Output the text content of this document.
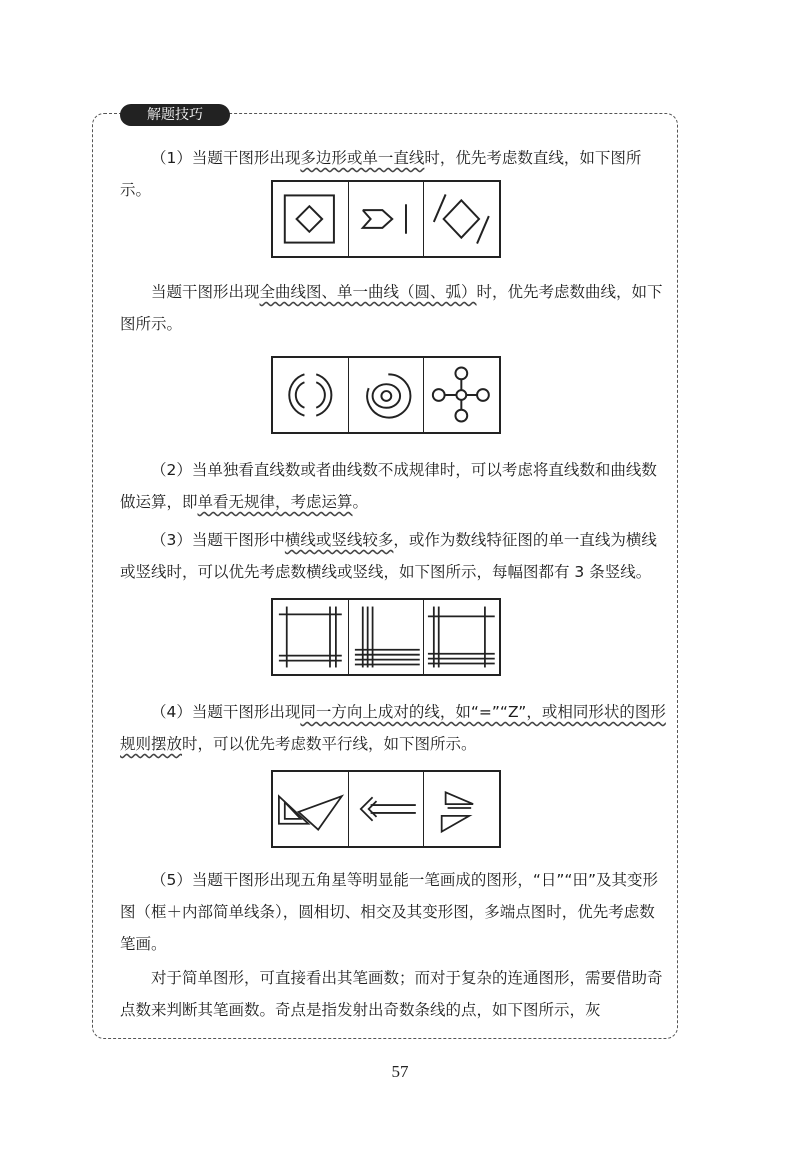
解题技巧

（1）当题干图形出现多边形或单一直线时，优先考虑数直线，如下图所示。

当题干图形出现全曲线图、单一曲线（圆、弧）时，优先考虑数曲线，如下图所示。

（2）当单独看直线数或者曲线数不成规律时，可以考虑将直线数和曲线数做运算，即单看无规律，考虑运算。

（3）当题干图形中横线或竖线较多，或作为数线特征图的单一直线为横线或竖线时，可以优先考虑数横线或竖线，如下图所示，每幅图都有 3 条竖线。

（4）当题干图形出现同一方向上成对的线，如“=”“Z”，或相同形状的图形规则摆放时，可以优先考虑数平行线，如下图所示。

（5）当题干图形出现五角星等明显能一笔画成的图形，“日”“田”及其变形图（框＋内部简单线条），圆相切、相交及其变形图，多端点图时，优先考虑数笔画。

对于简单图形，可直接看出其笔画数；而对于复杂的连通图形，需要借助奇点数来判断其笔画数。奇点是指发射出奇数条线的点，如下图所示，灰

57
